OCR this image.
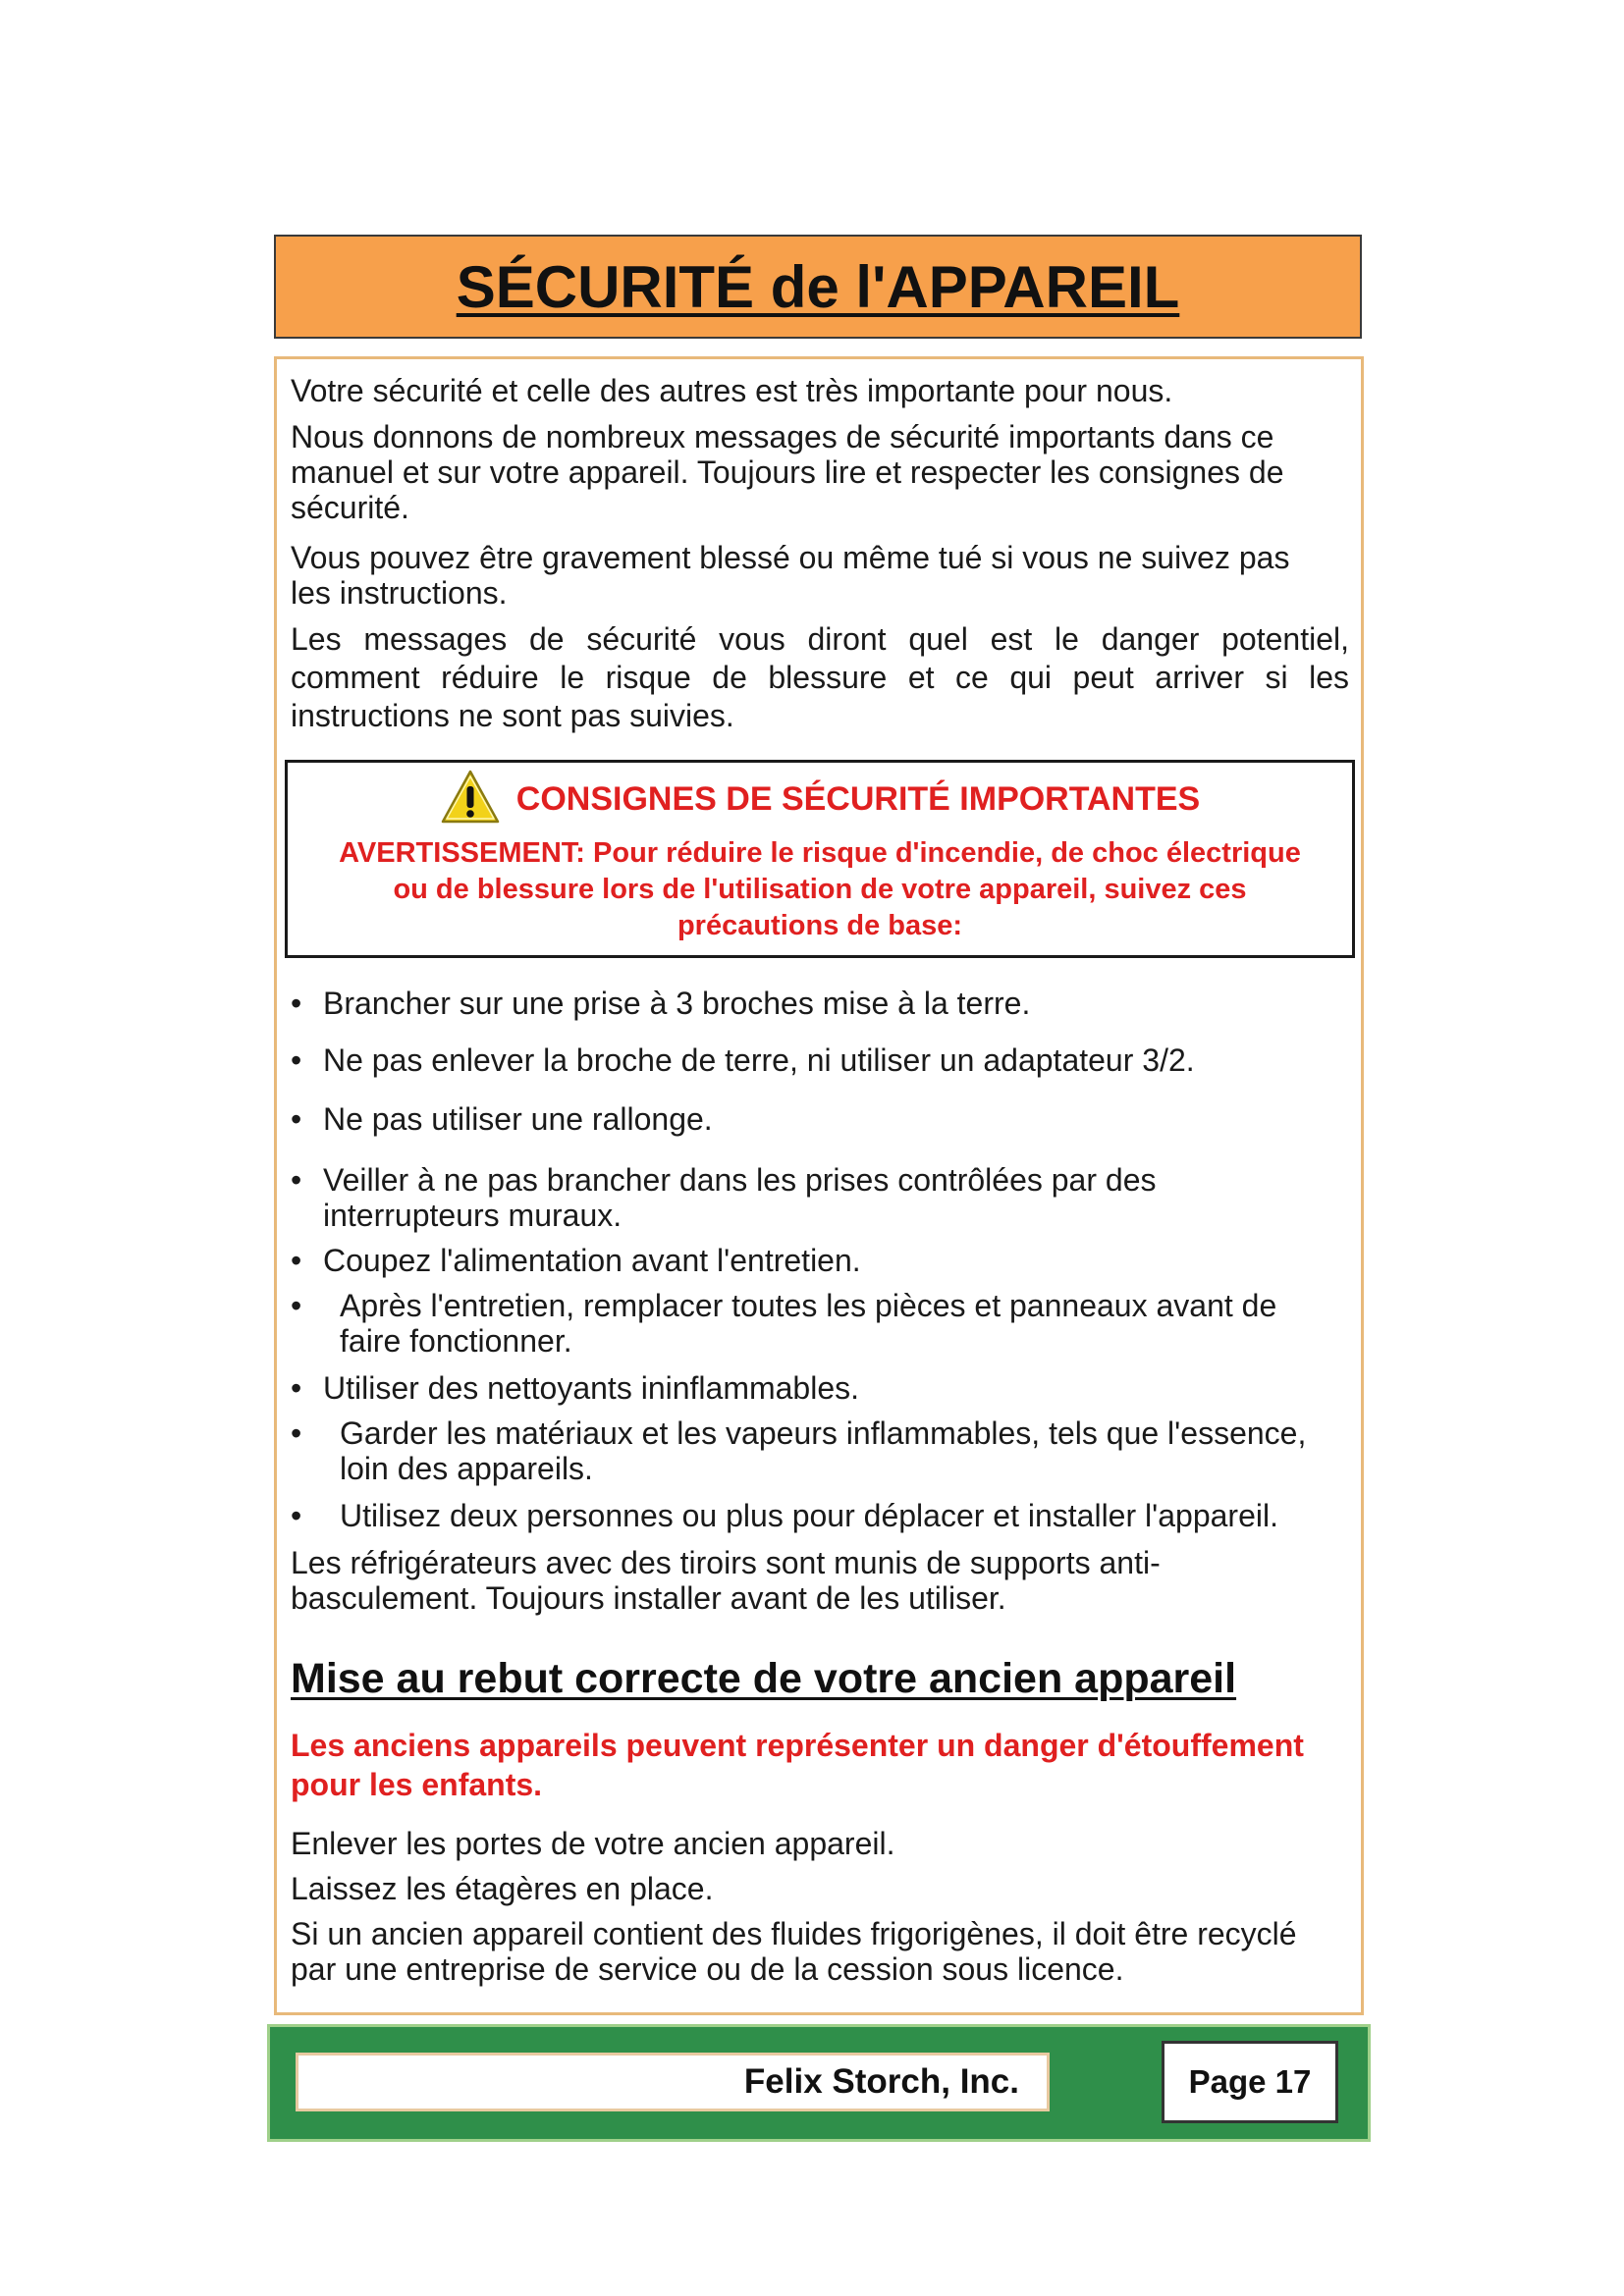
SÉCURITÉ de l'APPAREIL

Votre sécurité et celle des autres est très importante pour nous.

Nous donnons de nombreux messages de sécurité importants dans ce manuel et sur votre appareil. Toujours lire et respecter les consignes de sécurité.

Vous pouvez être gravement blessé ou même tué si vous ne suivez pas les instructions.

Les messages de sécurité vous diront quel est le danger potentiel, comment réduire le risque de blessure et ce qui peut arriver si les instructions ne sont pas suivies.

CONSIGNES DE SÉCURITÉ IMPORTANTES

AVERTISSEMENT: Pour réduire le risque d'incendie, de choc électrique ou de blessure lors de l'utilisation de votre appareil, suivez ces précautions de base:

• Brancher sur une prise à 3 broches mise à la terre.
• Ne pas enlever la broche de terre, ni utiliser un adaptateur 3/2.
• Ne pas utiliser une rallonge.
• Veiller à ne pas brancher dans les prises contrôlées par des interrupteurs muraux.
• Coupez l'alimentation avant l'entretien.
•	Après l'entretien, remplacer toutes les pièces et panneaux avant de faire fonctionner.
• Utiliser des nettoyants ininflammables.
•	Garder les matériaux et les vapeurs inflammables, tels que l'essence, loin des appareils.
•	Utilisez deux personnes ou plus pour déplacer et installer l'appareil.

Les réfrigérateurs avec des tiroirs sont munis de supports anti-basculement. Toujours installer avant de les utiliser.

Mise au rebut correcte de votre ancien appareil

Les anciens appareils peuvent représenter un danger d'étouffement pour les enfants.

Enlever les portes de votre ancien appareil.

Laissez les étagères en place.

Si un ancien appareil contient des fluides frigorigènes, il doit être recyclé par une entreprise de service ou de la cession sous licence.

Felix Storch, Inc.	Page 17
